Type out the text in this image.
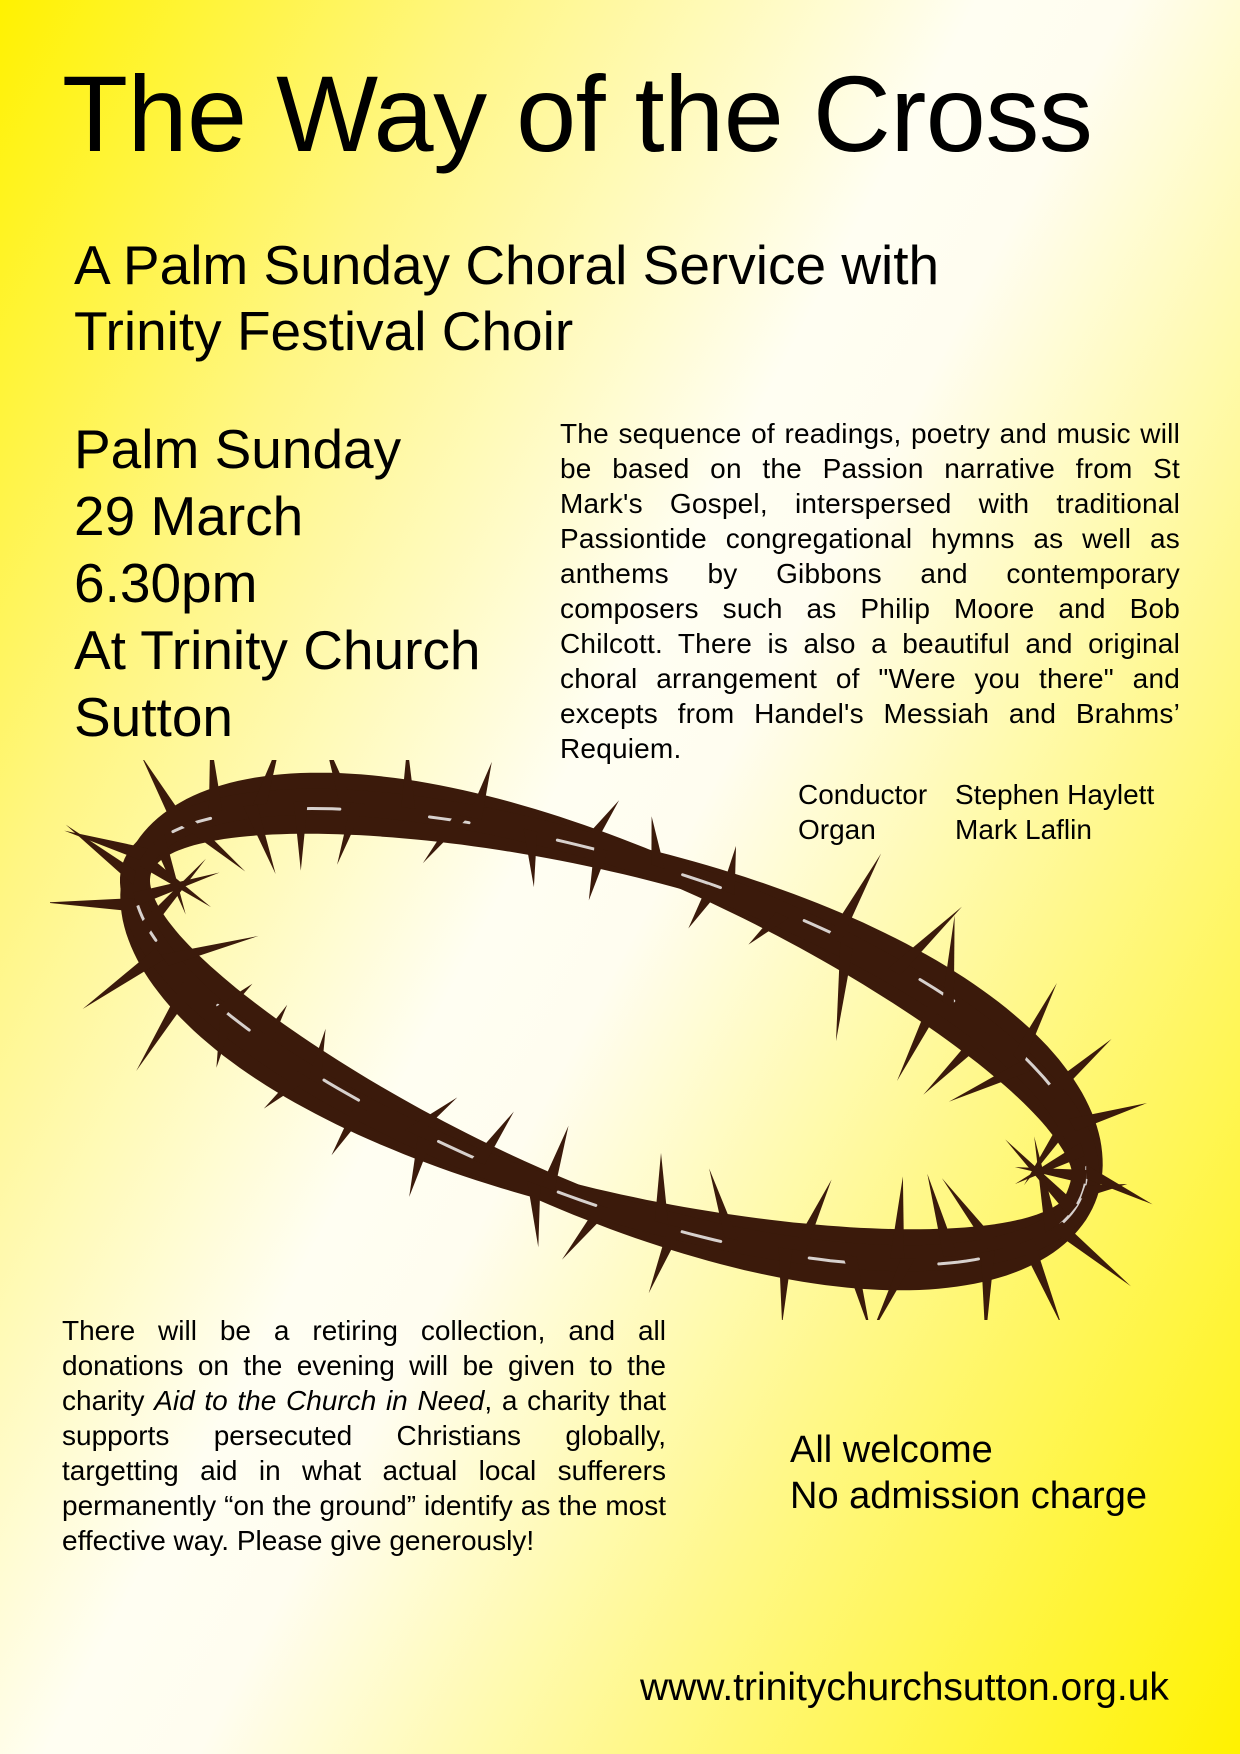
The Way of the Cross
A Palm Sunday Choral Service with
Trinity Festival Choir
Palm Sunday
29 March
6.30pm
At Trinity Church
Sutton
The sequence of readings, poetry and music will be based on the Passion narrative from St Mark's Gospel, interspersed with traditional Passiontide congregational hymns as well as anthems by Gibbons and contemporary composers such as Philip Moore and Bob Chilcott. There is also a beautiful and original choral arrangement of "Were you there" and excepts from Handel's Messiah and Brahms’ Requiem.
Conductor Stephen Haylett
Organ	Mark Laflin
There will be a retiring collection, and all donations on the evening will be given to the charity Aid to the Church in Need, a charity that supports persecuted Christians globally, targetting aid in what actual local sufferers permanently “on the ground” identify as the most effective way. Please give generously!
All welcome
No admission charge
www.trinitychurchsutton.org.uk
